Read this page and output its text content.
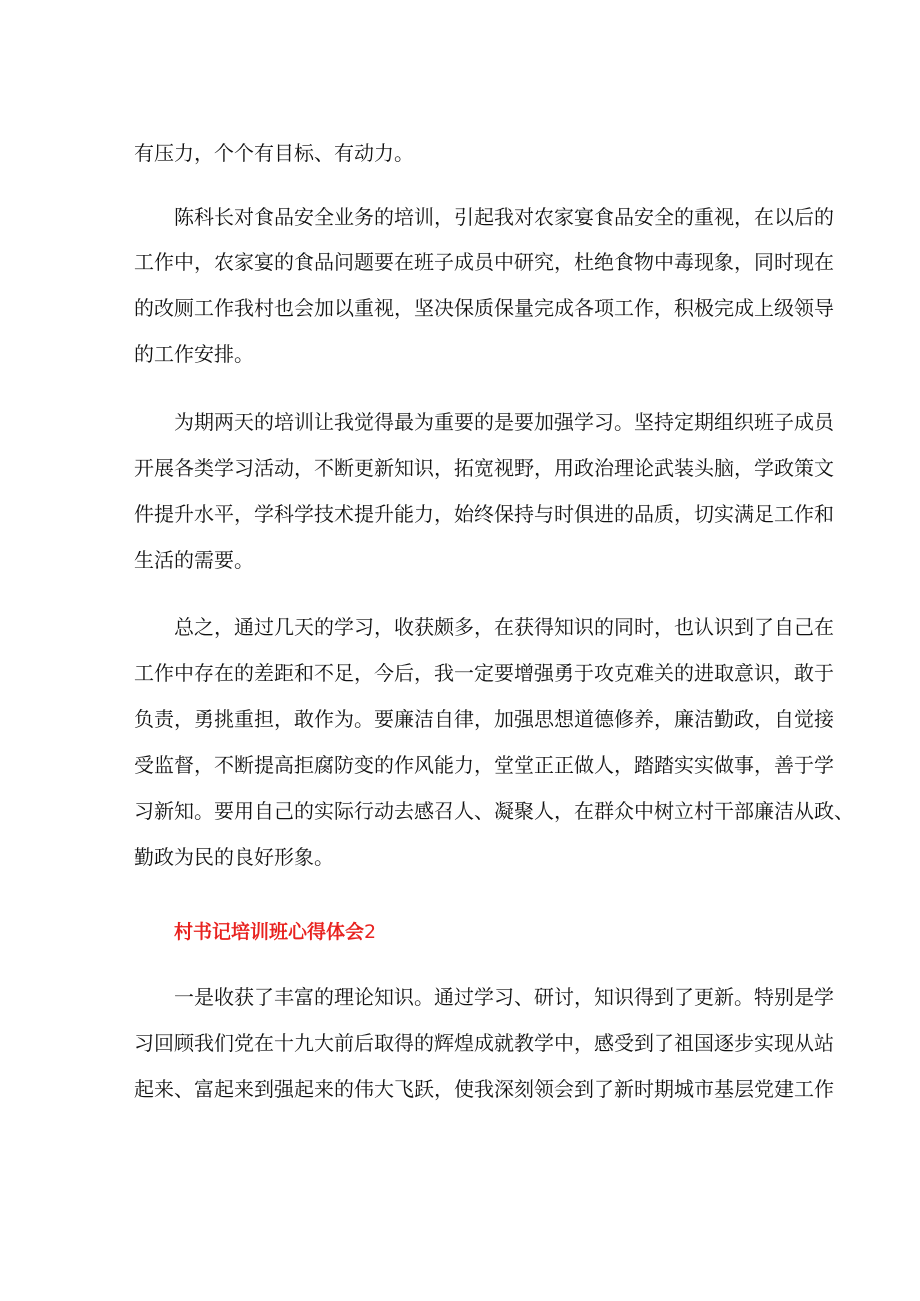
有压力，个个有目标、有动力。
陈科长对食品安全业务的培训，引起我对农家宴食品安全的重视，在以后的
工作中，农家宴的食品问题要在班子成员中研究，杜绝食物中毒现象，同时现在
的改厕工作我村也会加以重视，坚决保质保量完成各项工作，积极完成上级领导
的工作安排。
为期两天的培训让我觉得最为重要的是要加强学习。坚持定期组织班子成员
开展各类学习活动，不断更新知识，拓宽视野，用政治理论武装头脑，学政策文
件提升水平，学科学技术提升能力，始终保持与时俱进的品质，切实满足工作和
生活的需要。
总之，通过几天的学习，收获颇多，在获得知识的同时，也认识到了自己在
工作中存在的差距和不足，今后，我一定要增强勇于攻克难关的进取意识，敢于
负责，勇挑重担，敢作为。要廉洁自律，加强思想道德修养，廉洁勤政，自觉接
受监督，不断提高拒腐防变的作风能力，堂堂正正做人，踏踏实实做事，善于学
习新知。要用自己的实际行动去感召人、凝聚人，在群众中树立村干部廉洁从政、
勤政为民的良好形象。
村书记培训班心得体会2
一是收获了丰富的理论知识。通过学习、研讨，知识得到了更新。特别是学
习回顾我们党在十九大前后取得的辉煌成就教学中，感受到了祖国逐步实现从站
起来、富起来到强起来的伟大飞跃，使我深刻领会到了新时期城市基层党建工作
